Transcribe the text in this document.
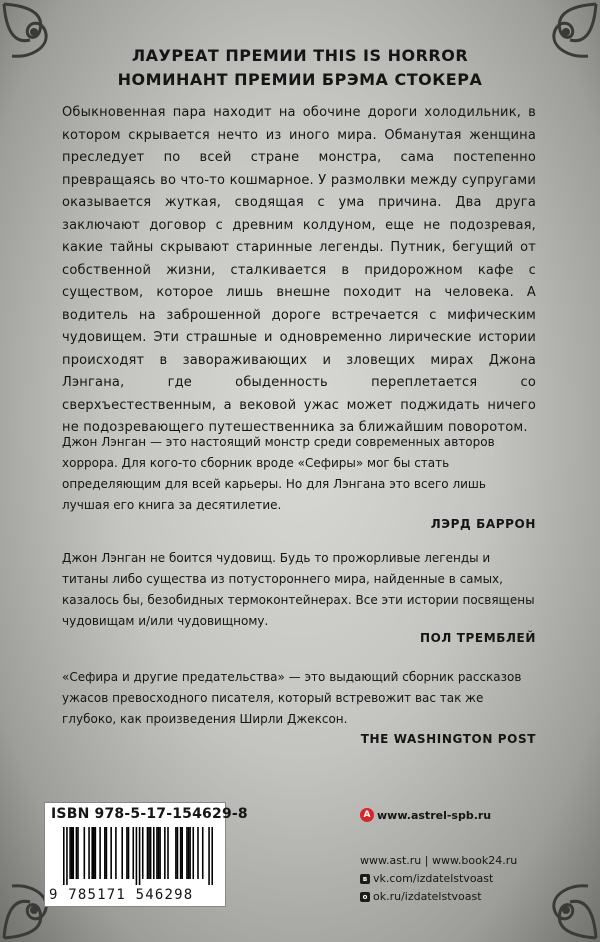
ЛАУРЕАТ ПРЕМИИ THIS IS HORROR
НОМИНАНТ ПРЕМИИ БРЭМА СТОКЕРА

Обыкновенная пара находит на обочине дороги холодильник, в котором скрывается нечто из иного мира. Обманутая женщина преследует по всей стране монстра, сама постепенно превращаясь во что-то кошмарное. У размолвки между супругами оказывается жуткая, сводящая с ума причина. Два друга заключают договор с древним колдуном, еще не подозревая, какие тайны скрывают старинные легенды. Путник, бегущий от собственной жизни, сталкивается в придорожном кафе с существом, которое лишь внешне походит на человека. А водитель на заброшенной дороге встречается с мифическим чудовищем. Эти страшные и одновременно лирические истории происходят в завораживающих и зловещих мирах Джона Лэнгана, где обыденность переплетается со сверхъестественным, а вековой ужас может поджидать ничего не подозревающего путешественника за ближайшим поворотом.

Джон Лэнган — это настоящий монстр среди современных авторов хоррора. Для кого-то сборник вроде «Сефиры» мог бы стать определяющим для всей карьеры. Но для Лэнгана это всего лишь лучшая его книга за десятилетие.

ЛЭРД БАРРОН

Джон Лэнган не боится чудовищ. Будь то прожорливые легенды и титаны либо существа из потустороннего мира, найденные в самых, казалось бы, безобидных термоконтейнерах. Все эти истории посвящены чудовищам и/или чудовищному.

ПОЛ ТРЕМБЛЕЙ

«Сефира и другие предательства» — это выдающий сборник рассказов ужасов превосходного писателя, который встревожит вас так же глубоко, как произведения Ширли Джексон.

THE WASHINGTON POST
ISBN 978-5-17-154629-8
9 785171 546298
A www.astrel-spb.ru
www.ast.ru | www.book24.ru
в vk.com/izdatelstvoast
о ok.ru/izdatelstvoast
